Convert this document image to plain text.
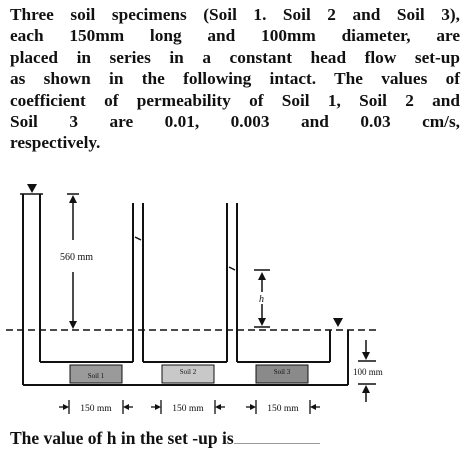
Three soil specimens (Soil 1. Soil 2 and Soil 3),
each 150mm long and 100mm diameter, are
placed in series in a constant head flow set-up
as shown in the following intact. The values of
coefficient of permeability of Soil 1, Soil 2 and
Soil 3 are 0.01, 0.003 and 0.03 cm/s,
respectively.
Soil 1	Soil 2	Soil 3
560 mm
h
100 mm
150 mm	150 mm	150 mm
The value of h in the set -up is
